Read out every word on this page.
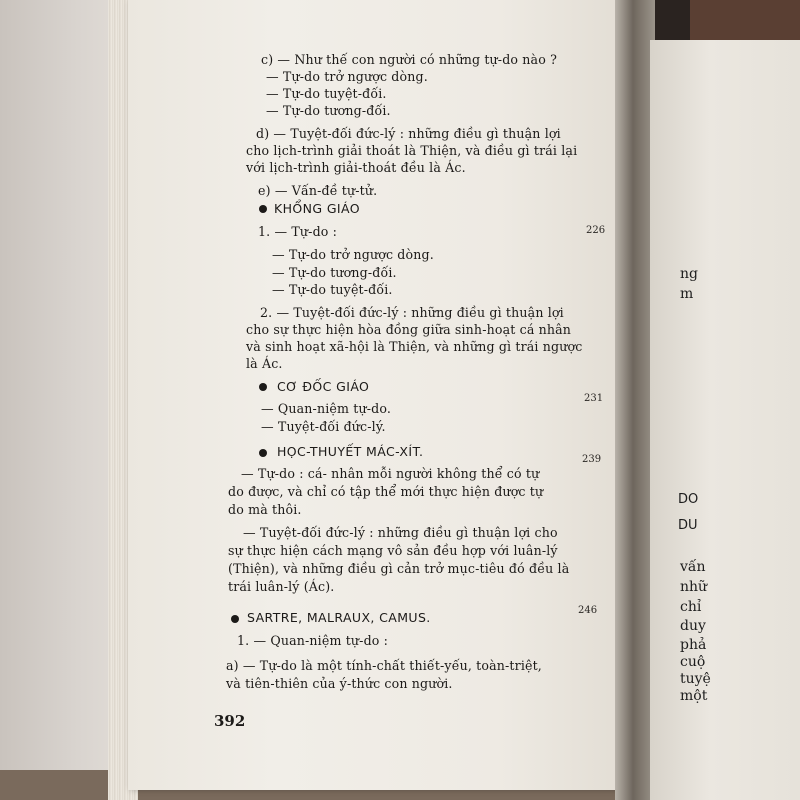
c) — Như thế con người có những tự-do nào ?
— Tự-do trở ngược dòng.
— Tự-do tuyệt-đối.
— Tự-do tương-đối.
d) — Tuyệt-đối đức-lý : những điều gì thuận lợi
cho lịch-trình giải thoát là Thiện, và điều gì trái lại
với lịch-trình giải-thoát đều là Ác.
e) — Vấn-đề tự-tử.
KHỔNG GIÁO
1. — Tự-do :	226
— Tự-do trở ngược dòng.
— Tự-do tương-đối.
— Tự-do tuyệt-đối.
2. — Tuyệt-đối đức-lý : những điều gì thuận lợi
cho sự thực hiện hòa đồng giữa sinh-hoạt cá nhân
và sinh hoạt xã-hội là Thiện, và những gì trái ngược
là Ác.
CƠ ĐỐC GIÁO
231
— Quan-niệm tự-do.
— Tuyệt-đối đức-lý.
HỌC-THUYẾT MÁC-XÍT.
239
— Tự-do : cá- nhân mỗi người không thể có tự
do được, và chỉ có tập thể mới thực hiện được tự
do mà thôi.
— Tuyệt-đối đức-lý : những điều gì thuận lợi cho
sự thực hiện cách mạng vô sản đều hợp với luân-lý
(Thiện), và những điều gì cản trở mục-tiêu đó đều là
trái luân-lý (Ác).
SARTRE, MALRAUX, CAMUS.	246
1. — Quan-niệm tự-do :
a) — Tự-do là một tính-chất thiết-yếu, toàn-triệt,
và tiên-thiên của ý-thức con người.
392
ng
m
DO
DU
vấn
nhữ
chỉ
duy
phả
cuộ
tuyệ
một
